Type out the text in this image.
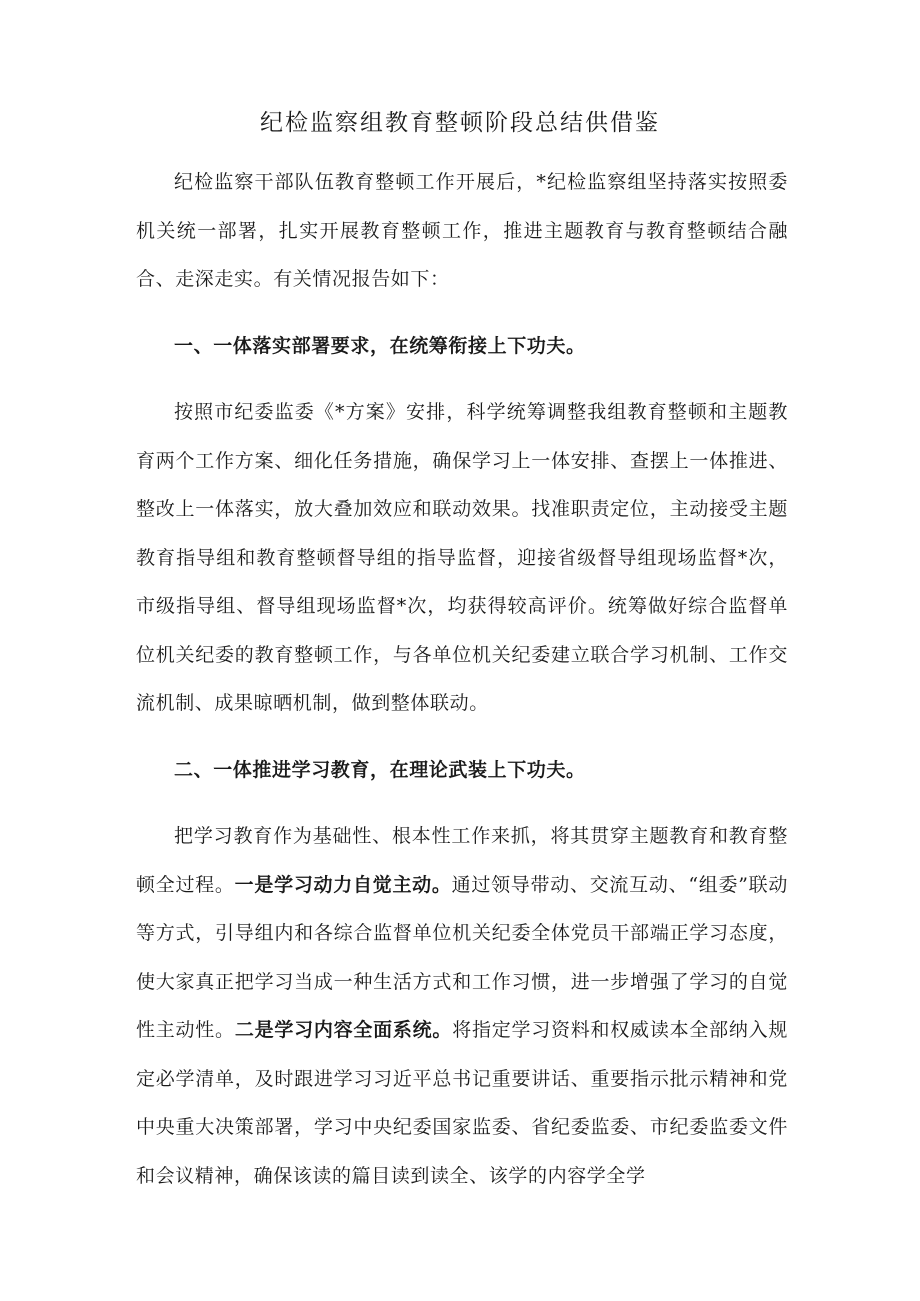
纪检监察组教育整顿阶段总结供借鉴

纪检监察干部队伍教育整顿工作开展后，*纪检监察组坚持落实按照委机关统一部署，扎实开展教育整顿工作，推进主题教育与教育整顿结合融合、走深走实。有关情况报告如下：

一、一体落实部署要求，在统筹衔接上下功夫。

按照市纪委监委《*方案》安排，科学统筹调整我组教育整顿和主题教育两个工作方案、细化任务措施，确保学习上一体安排、查摆上一体推进、整改上一体落实，放大叠加效应和联动效果。找准职责定位，主动接受主题教育指导组和教育整顿督导组的指导监督，迎接省级督导组现场监督*次，市级指导组、督导组现场监督*次，均获得较高评价。统筹做好综合监督单位机关纪委的教育整顿工作，与各单位机关纪委建立联合学习机制、工作交流机制、成果晾晒机制，做到整体联动。

二、一体推进学习教育，在理论武装上下功夫。

把学习教育作为基础性、根本性工作来抓，将其贯穿主题教育和教育整顿全过程。一是学习动力自觉主动。通过领导带动、交流互动、“组委”联动等方式，引导组内和各综合监督单位机关纪委全体党员干部端正学习态度，使大家真正把学习当成一种生活方式和工作习惯，进一步增强了学习的自觉性主动性。二是学习内容全面系统。将指定学习资料和权威读本全部纳入规定必学清单，及时跟进学习习近平总书记重要讲话、重要指示批示精神和党中央重大决策部署，学习中央纪委国家监委、省纪委监委、市纪委监委文件和会议精神，确保该读的篇目读到读全、该学的内容学全学
